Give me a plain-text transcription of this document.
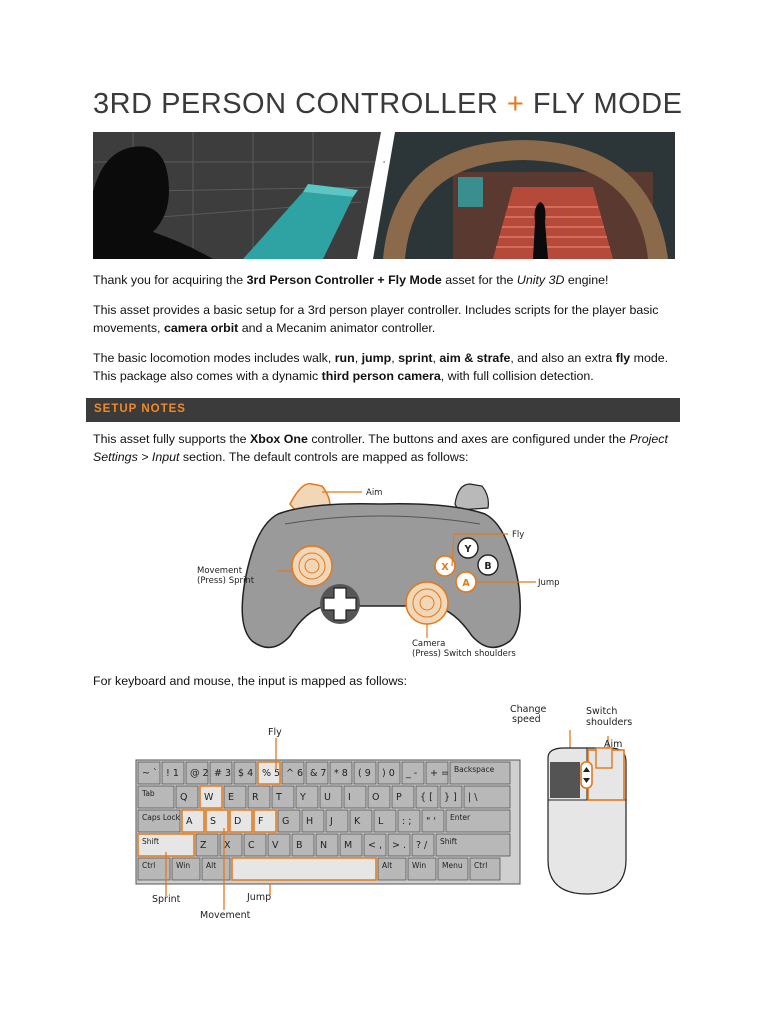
3RD PERSON CONTROLLER + FLY MODE
Thank you for acquiring the 3rd Person Controller + Fly Mode asset for the Unity 3D engine!
This asset provides a basic setup for a 3rd person player controller. Includes scripts for the player basic movements, camera orbit and a Mecanim animator controller.
The basic locomotion modes includes walk, run, jump, sprint, aim & strafe, and also an extra fly mode. This package also comes with a dynamic third person camera, with full collision detection.
SETUP NOTES
This asset fully supports the Xbox One controller. The buttons and axes are configured under the Project Settings > Input section. The default controls are mapped as follows:
Y
X	B
A
Aim
Fly
Jump
Movement
(Press) Sprint
Camera
(Press) Switch shoulders
For keyboard and mouse, the input is mapped as follows:
~ ` ! 1 @ 2 # 3 $ 4 % 5 ^ 6 & 7 * 8 ( 9 ) 0 _ - + = Backspace
Tab	Q W E R T Y U I O P { [ } ] | \
Caps Lock A S D F G H J K L : ; " ' Enter
Shift	Z X C V B N M < , > . ? / Shift
Ctrl	Win Alt	Alt	Win Menu Ctrl
Fly
Sprint
Movement
Jump
Change
speed
Switch
shoulders
Aim
